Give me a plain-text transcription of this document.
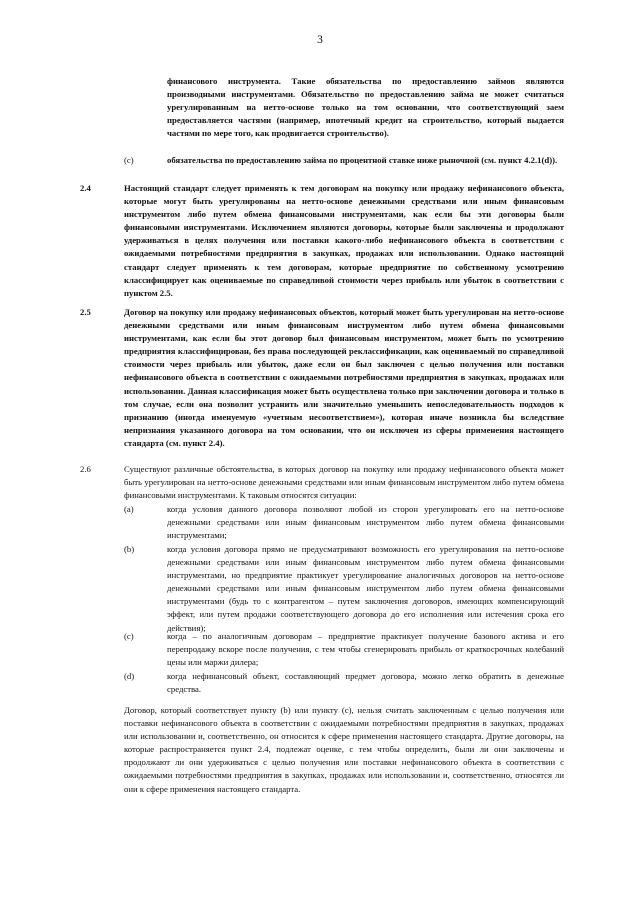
3
финансового инструмента. Такие обязательства по предоставлению займов являются производными инструментами. Обязательство по предоставлению займа не может считаться урегулированным на нетто-основе только на том основании, что соответствующий заем предоставляется частями (например, ипотечный кредит на строительство, который выдается частями по мере того, как продвигается строительство).
(c)	обязательства по предоставлению займа по процентной ставке ниже рыночной (см. пункт 4.2.1(d)).
2.4	Настоящий стандарт следует применять к тем договорам на покупку или продажу нефинансового объекта, которые могут быть урегулированы на нетто-основе денежными средствами или иным финансовым инструментом либо путем обмена финансовыми инструментами, как если бы эти договоры были финансовыми инструментами. Исключением являются договоры, которые были заключены и продолжают удерживаться в целях получения или поставки какого-либо нефинансового объекта в соответствии с ожидаемыми потребностями предприятия в закупках, продажах или использовании. Однако настоящий стандарт следует применять к тем договорам, которые предприятие по собственному усмотрению классифицирует как оцениваемые по справедливой стоимости через прибыль или убыток в соответствии с пунктом 2.5.
2.5	Договор на покупку или продажу нефинансовых объектов, который может быть урегулирован на нетто-основе денежными средствами или иным финансовым инструментом либо путем обмена финансовыми инструментами, как если бы этот договор был финансовым инструментом, может быть по усмотрению предприятия классифицирован, без права последующей реклассификации, как оцениваемый по справедливой стоимости через прибыль или убыток, даже если он был заключен с целью получения или поставки нефинансового объекта в соответствии с ожидаемыми потребностями предприятия в закупках, продажах или использовании. Данная классификация может быть осуществлена только при заключении договора и только в том случае, если она позволит устранить или значительно уменьшить непоследовательность подходов к признанию (иногда именуемую «учетным несоответствием»), которая иначе возникла бы вследствие непризнания указанного договора на том основании, что он исключен из сферы применения настоящего стандарта (см. пункт 2.4).
2.6	Существуют различные обстоятельства, в которых договор на покупку или продажу нефинансового объекта может быть урегулирован на нетто-основе денежными средствами или иным финансовым инструментом либо путем обмена финансовыми инструментами. К таковым относятся ситуации:
(a)	когда условия данного договора позволяют любой из сторон урегулировать его на нетто-основе денежными средствами или иным финансовым инструментом либо путем обмена финансовыми инструментами;
(b)	когда условия договора прямо не предусматривают возможность его урегулирования на нетто-основе денежными средствами или иным финансовым инструментом либо путем обмена финансовыми инструментами, но предприятие практикует урегулирование аналогичных договоров на нетто-основе денежными средствами или иным финансовым инструментом либо путем обмена финансовыми инструментами (будь то с контрагентом – путем заключения договоров, имеющих компенсирующий эффект, или путем продажи соответствующего договора до его исполнения или истечения срока его действия);
(c)	когда – по аналогичным договорам – предприятие практикует получение базового актива и его перепродажу вскоре после получения, с тем чтобы сгенерировать прибыль от краткосрочных колебаний цены или маржи дилера;
(d)	когда нефинансовый объект, составляющий предмет договора, можно легко обратить в денежные средства.
Договор, который соответствует пункту (b) или пункту (c), нельзя считать заключенным с целью получения или поставки нефинансового объекта в соответствии с ожидаемыми потребностями предприятия в закупках, продажах или использовании и, соответственно, он относится к сфере применения настоящего стандарта. Другие договоры, на которые распространяется пункт 2.4, подлежат оценке, с тем чтобы определить, были ли они заключены и продолжают ли они удерживаться с целью получения или поставки нефинансового объекта в соответствии с ожидаемыми потребностями предприятия в закупках, продажах или использовании и, соответственно, относятся ли они к сфере применения настоящего стандарта.
